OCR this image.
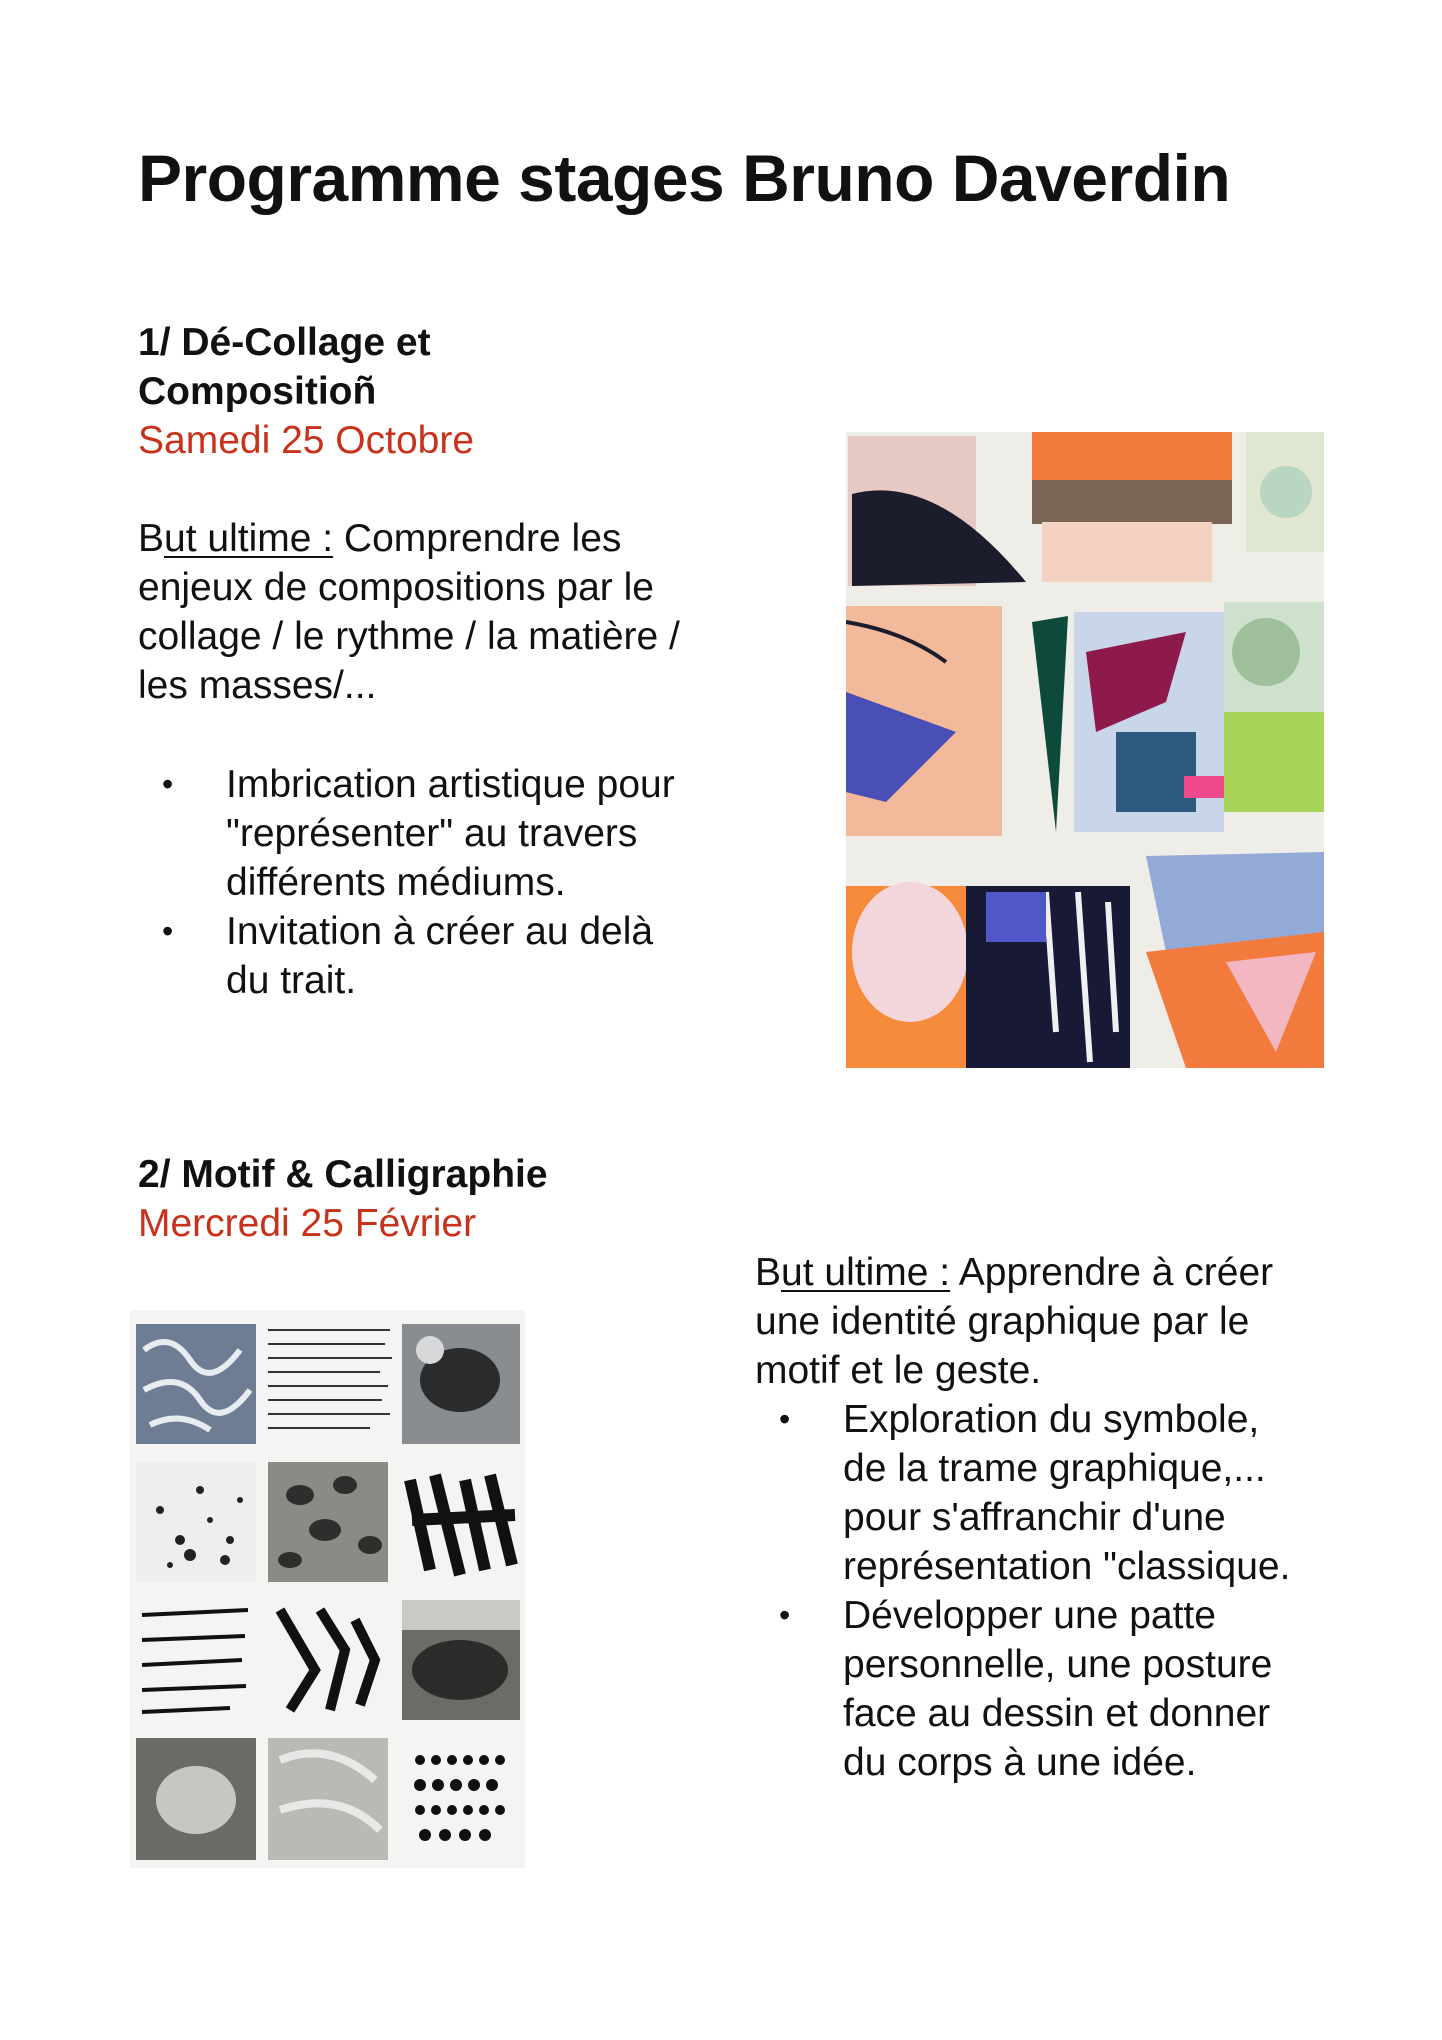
Programme stages Bruno Daverdin

1/ Dé-Collage et

Compositioñ

Samedi 25 Octobre

But ultime : Comprendre les enjeux de compositions par le collage / le rythme / la matière / les masses/...

• Imbrication artistique pour "représenter" au travers différents médiums.
• Invitation à créer au delà du trait.

2/ Motif & Calligraphie

Mercredi 25 Février

But ultime : Apprendre à créer une identité graphique par le motif et le geste.

• Exploration du symbole, de la trame graphique,... pour s'affranchir d'une représentation "classique.
• Développer une patte personnelle, une posture face au dessin et donner du corps à une idée.
